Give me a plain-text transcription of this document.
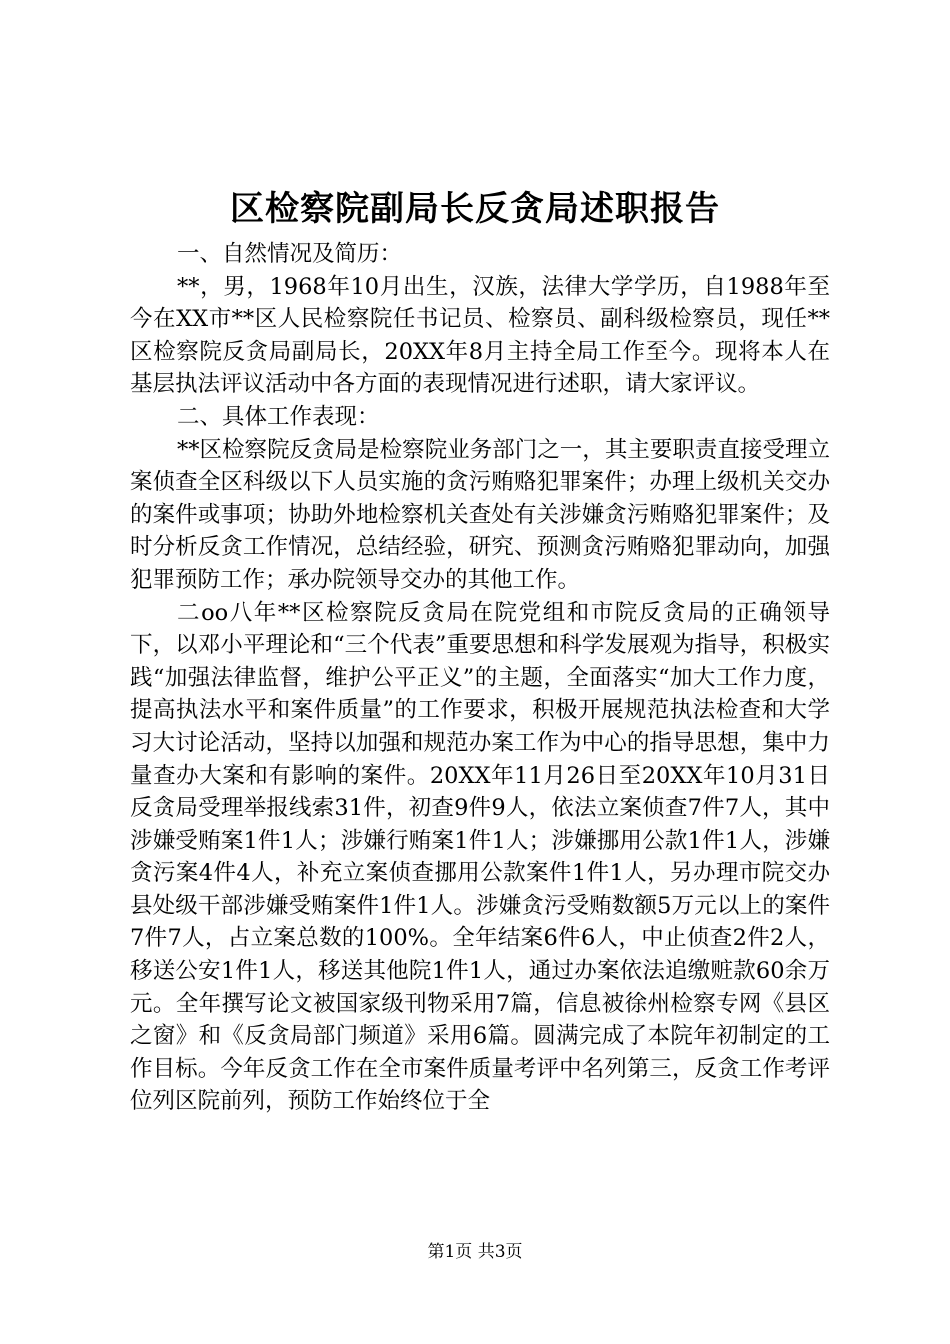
区检察院副局长反贪局述职报告

一、自然情况及简历：

**，男，1968年10月出生，汉族，法律大学学历，自1988年至今在XX市**区人民检察院任书记员、检察员、副科级检察员，现任**区检察院反贪局副局长，20XX年8月主持全局工作至今。现将本人在基层执法评议活动中各方面的表现情况进行述职，请大家评议。

二、具体工作表现：

**区检察院反贪局是检察院业务部门之一，其主要职责直接受理立案侦查全区科级以下人员实施的贪污贿赂犯罪案件；办理上级机关交办的案件或事项；协助外地检察机关查处有关涉嫌贪污贿赂犯罪案件；及时分析反贪工作情况，总结经验，研究、预测贪污贿赂犯罪动向，加强犯罪预防工作；承办院领导交办的其他工作。

二oo八年**区检察院反贪局在院党组和市院反贪局的正确领导下，以邓小平理论和“三个代表”重要思想和科学发展观为指导，积极实践“加强法律监督，维护公平正义”的主题，全面落实“加大工作力度，提高执法水平和案件质量”的工作要求，积极开展规范执法检查和大学习大讨论活动，坚持以加强和规范办案工作为中心的指导思想，集中力量查办大案和有影响的案件。20XX年11月26日至20XX年10月31日反贪局受理举报线索31件，初查9件9人，依法立案侦查7件7人，其中涉嫌受贿案1件1人；涉嫌行贿案1件1人；涉嫌挪用公款1件1人，涉嫌贪污案4件4人，补充立案侦查挪用公款案件1件1人，另办理市院交办县处级干部涉嫌受贿案件1件1人。涉嫌贪污受贿数额5万元以上的案件7件7人，占立案总数的100%。全年结案6件6人，中止侦查2件2人，移送公安1件1人，移送其他院1件1人，通过办案依法追缴赃款60余万元。全年撰写论文被国家级刊物采用7篇，信息被徐州检察专网《县区之窗》和《反贪局部门频道》采用6篇。圆满完成了本院年初制定的工作目标。今年反贪工作在全市案件质量考评中名列第三，反贪工作考评位列区院前列，预防工作始终位于全

第1页 共3页
